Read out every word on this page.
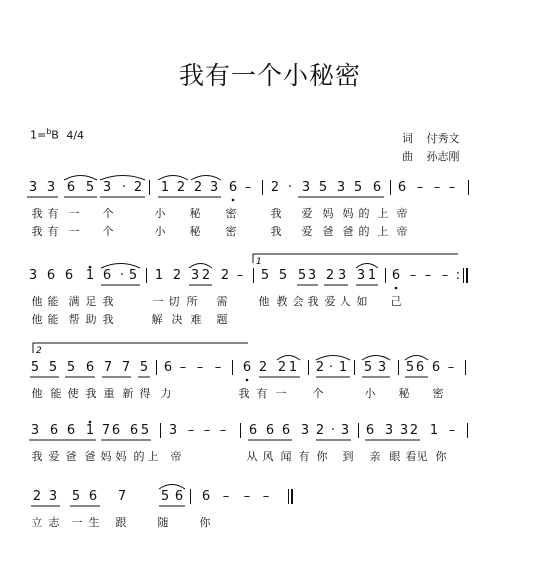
我有一个小秘密
1=$^b$B 4/4	词 付秀文
曲 孙志刚
3 3 6 5 3 · 2 1 2 2 3 6 – 2 · 3 5 3 5 6 6 – – –
我 有 一 个	小 秘 密	我 爱 妈 妈 的 上 帝
我 有 一 个	小 秘 密	我 爱 爸 爸 的 上 帝
3 6 6 1 6 · 5 1 2 3 2 2 – 5 5 5 3 2 3 3 1 6 – – – :
他 能 满 足 我	一 切 所 需	他 教 会 我 爱 人 如 己
他 能 帮 助 我	解 决 难 题
5 5 5 6 7 7 5 6 – – – 6 2 2 1 2 · 1 5 3 5 6 6 –
他 能 使 我 重 新 得 力	我 有 一 个	小 秘 密
3 6 6 1 7 6 6 5 3 – – – 6 6 6 3 2 · 3 6 3 3 2 1 –
我 爱 爸 爸 妈 妈 的 上 帝	从 风 闻 有 你 到 亲 眼 看 见 你
2 3 5 6 7	5 6 6 – – –
立 志 一 生 跟	随	你
1
2
